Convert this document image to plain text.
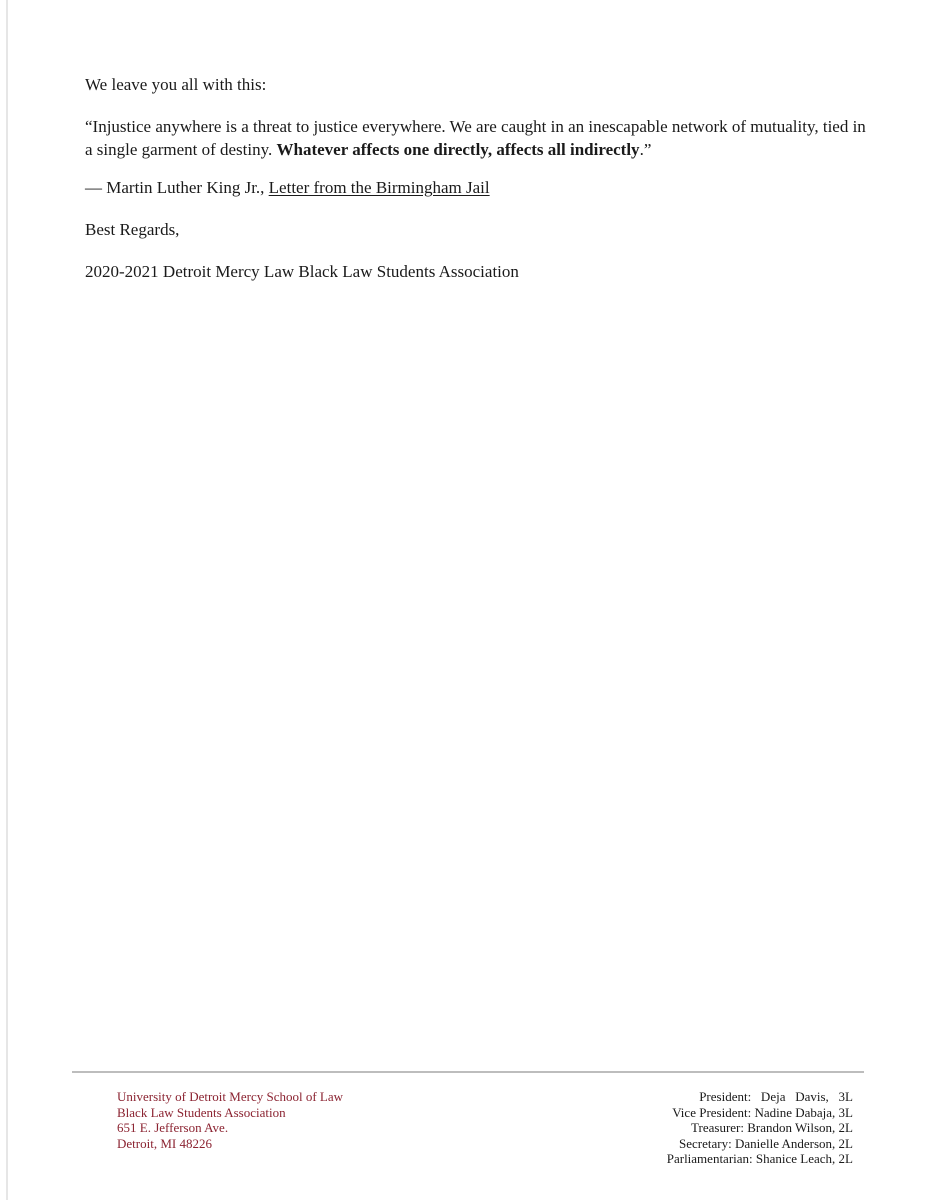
We leave you all with this:

“Injustice anywhere is a threat to justice everywhere. We are caught in an inescapable network of mutuality, tied in a single garment of destiny. Whatever affects one directly, affects all indirectly.”

— Martin Luther King Jr., Letter from the Birmingham Jail

Best Regards,

2020-2021 Detroit Mercy Law Black Law Students Association

University of Detroit Mercy School of Law
Black Law Students Association
651 E. Jefferson Ave.
Detroit, MI 48226
President:   Deja   Davis,   3L
Vice President: Nadine Dabaja, 3L
Treasurer: Brandon Wilson, 2L
Secretary: Danielle Anderson, 2L
Parliamentarian: Shanice Leach, 2L
